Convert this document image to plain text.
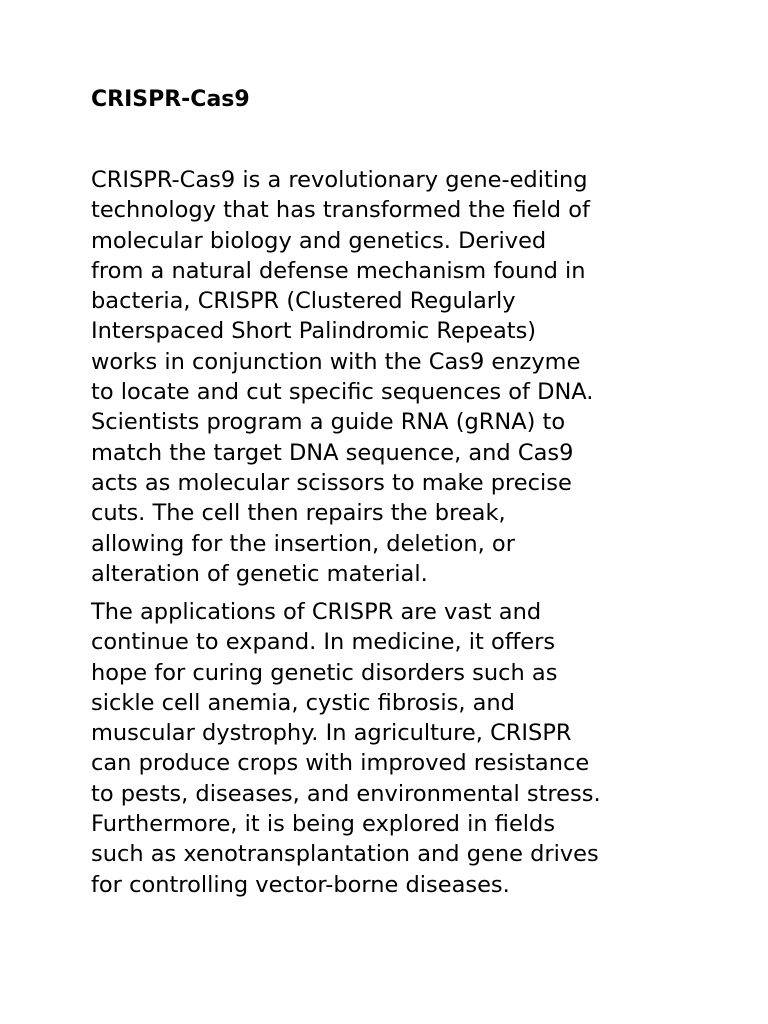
CRISPR-Cas9

CRISPR-Cas9 is a revolutionary gene-editing
technology that has transformed the field of
molecular biology and genetics. Derived
from a natural defense mechanism found in
bacteria, CRISPR (Clustered Regularly
Interspaced Short Palindromic Repeats)
works in conjunction with the Cas9 enzyme
to locate and cut specific sequences of DNA.
Scientists program a guide RNA (gRNA) to
match the target DNA sequence, and Cas9
acts as molecular scissors to make precise
cuts. The cell then repairs the break,
allowing for the insertion, deletion, or
alteration of genetic material.

The applications of CRISPR are vast and
continue to expand. In medicine, it offers
hope for curing genetic disorders such as
sickle cell anemia, cystic fibrosis, and
muscular dystrophy. In agriculture, CRISPR
can produce crops with improved resistance
to pests, diseases, and environmental stress.
Furthermore, it is being explored in fields
such as xenotransplantation and gene drives
for controlling vector-borne diseases.
